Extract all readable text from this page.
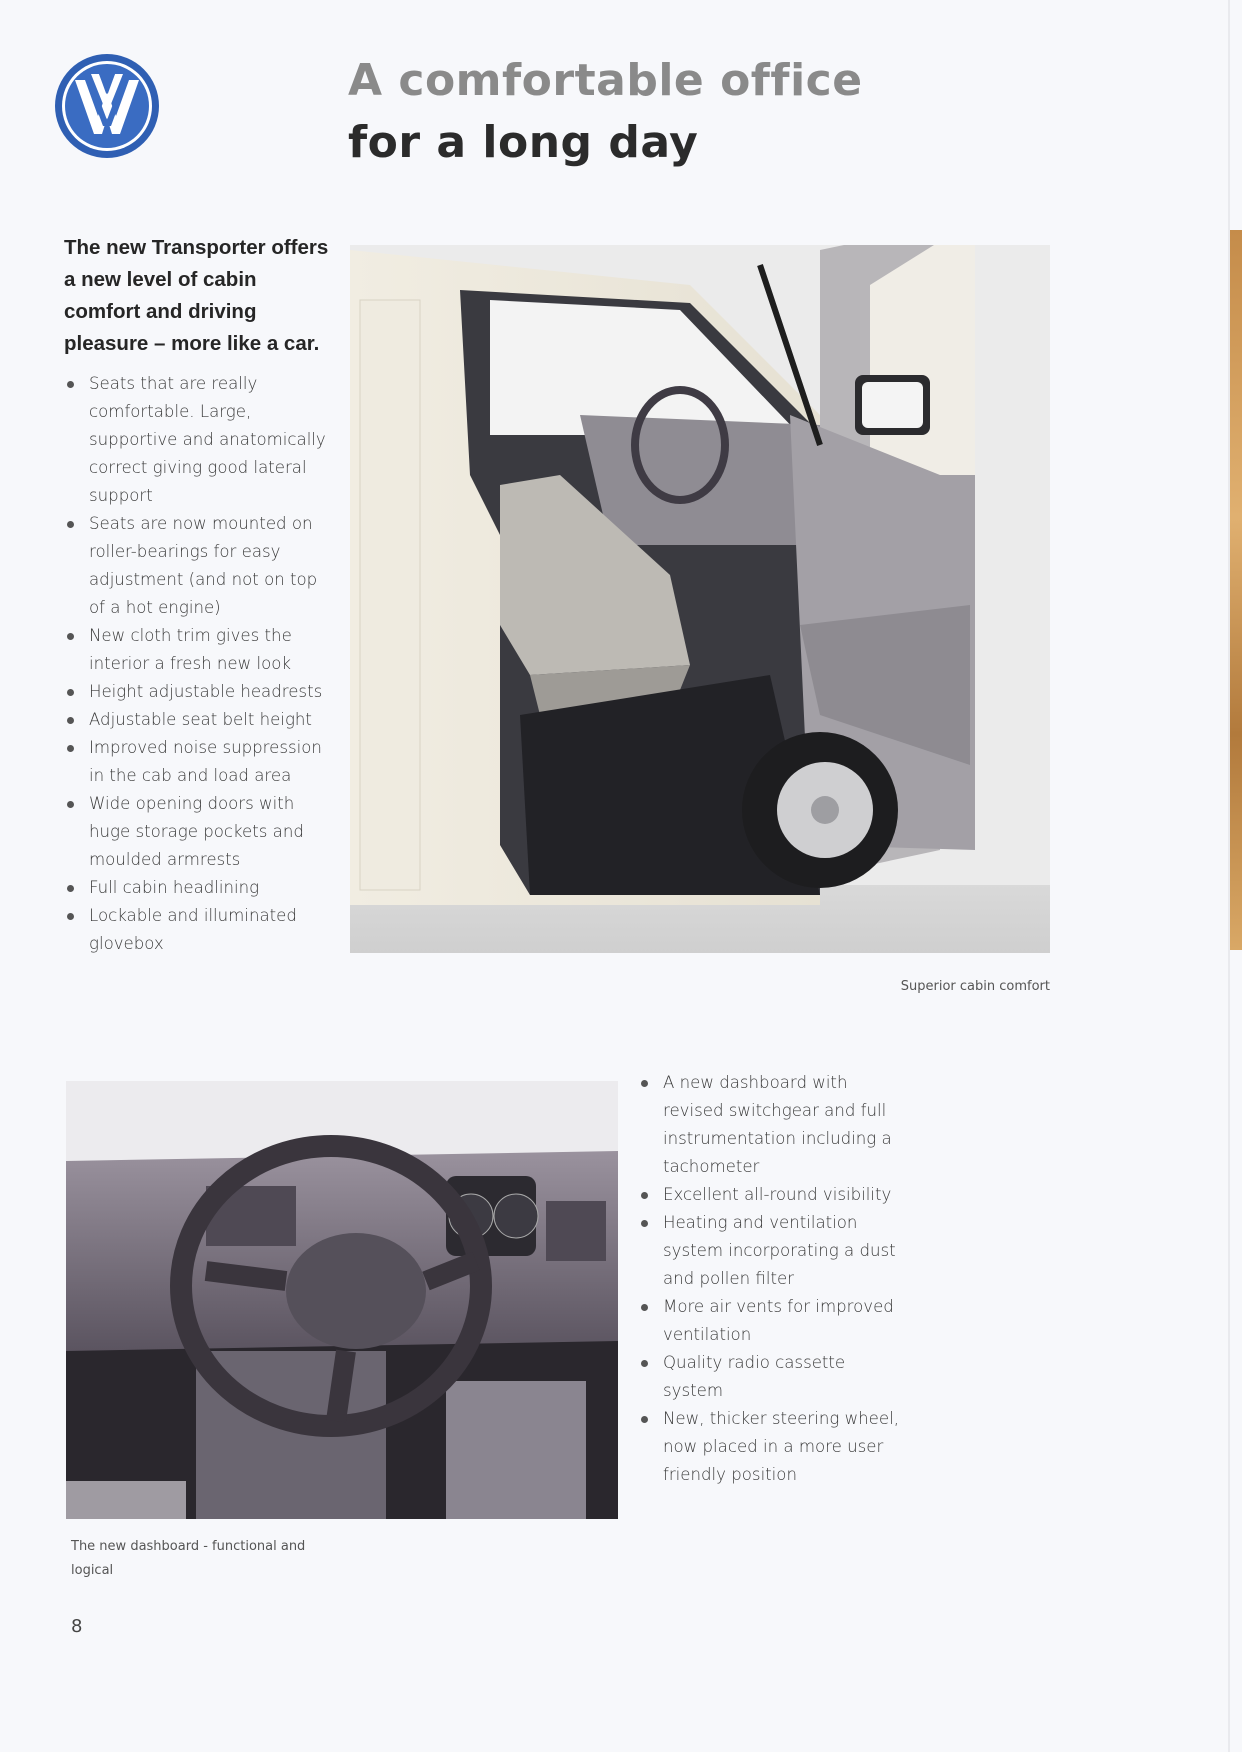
A comfortable office
for a long day
The new Transporter offers a new level of cabin comfort and driving pleasure – more like a car.
Seats that are really comfortable. Large, supportive and anatomically correct giving good lateral support
Seats are now mounted on roller-bearings for easy adjustment (and not on top of a hot engine)
New cloth trim gives the interior a fresh new look
Height adjustable headrests
Adjustable seat belt height
Improved noise suppression in the cab and load area
Wide opening doors with huge storage pockets and moulded armrests
Full cabin headlining
Lockable and illuminated glovebox
Superior cabin comfort
The new dashboard - functional and logical
A new dashboard with revised switchgear and full instrumentation including a tachometer
Excellent all-round visibility
Heating and ventilation system incorporating a dust and pollen filter
More air vents for improved ventilation
Quality radio cassette system
New, thicker steering wheel, now placed in a more user friendly position
8
